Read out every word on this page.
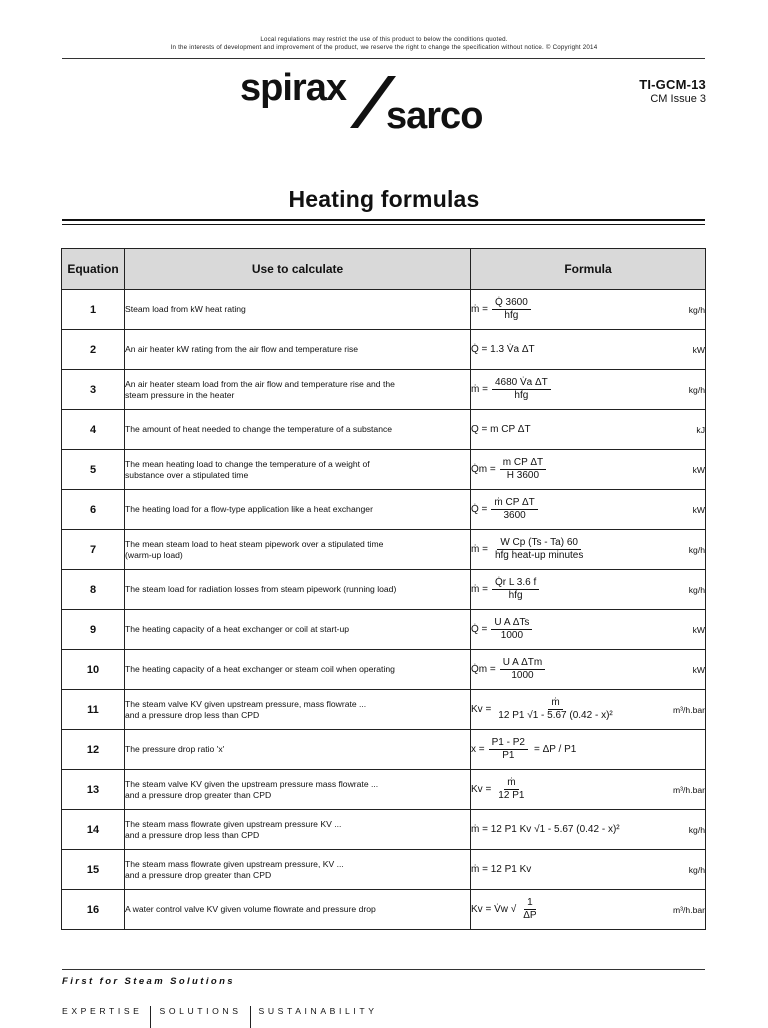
Local regulations may restrict the use of this product to below the conditions quoted.
In the interests of development and improvement of the product, we reserve the right to change the specification without notice. © Copyright 2014
spirax
sarco
TI-GCM-13
CM Issue 3
Heating formulas
Equation	Use to calculate	Formula
1	Steam load from kW heat rating	ṁ = $\frac{Q̇ 3600}{\text{hfg}} kg/h$

2	An air heater kW rating from the air flow and temperature rise	Q̇ = 1.3 V̇a ΔT kW

3	An air heater steam load from the air flow and temperature rise and the
steam pressure in the heater	ṁ = $\frac{\text{4680 V̇a ΔT}}{\text{hfg}} kg/h$

4	The amount of heat needed to change the temperature of a substance	Q = m CP ΔT kJ

5	The mean heating load to change the temperature of a weight of
substance over a stipulated time	Q̇m = $\frac{\text{m CP ΔT}}{H 3600}$ kW

6	The heating load for a flow-type application like a heat exchanger	Q̇ = $\frac{\text{ṁ CP ΔT}}{3600}$ kW

7	The mean steam load to heat steam pipework over a stipulated time
(warm-up load)	ṁ = $\frac{\text{W Cp (Ts - Ta) 60}}{\text{hfg heat-up minutes}} kg/h$

8	The steam load for radiation losses from steam pipework (running load)	ṁ = $\frac{\text{Q̇r L 3.6 f}}{\text{hfg}} kg/h$

9	The heating capacity of a heat exchanger or coil at start-up	Q̇ = $\frac{\text{U A ΔTs}}{1000}$ kW

10	The heating capacity of a heat exchanger or steam coil when operating	Q̇m = $\frac{\text{U A ΔTm}}{1000}$ kW

11	The steam valve KV given upstream pressure, mass flowrate ...
and a pressure drop less than CPD	$Kv = \frac{\text{ṁ}}{\text{12 P1 √1 - 5.67 (0.42 - x)²}} m^3/h.bar$

12	The pressure drop ratio 'x'	$x = \frac{P1 - P2}{P1} = \Delta P / P1$

13	The steam valve KV given the upstream pressure mass flowrate ...
and a pressure drop greater than CPD	$Kv = \frac{\text{ṁ}}{12 P1} m^3/h.bar$

14	The steam mass flowrate given upstream pressure KV ...
and a pressure drop less than CPD	ṁ = 12 P1 Kv √1 - 5.67 (0.42 - x)² kg/h

15	The steam mass flowrate given upstream pressure, KV ...
and a pressure drop greater than CPD	ṁ = 12 P1 Kv kg/h

16	A water control valve KV given volume flowrate and pressure drop	Kv = V̇w √ $\frac{1}{\Delta P} m^3/h.bar$
First for Steam Solutions
EXPERTISE SOLUTIONS SUSTAINABILITY
